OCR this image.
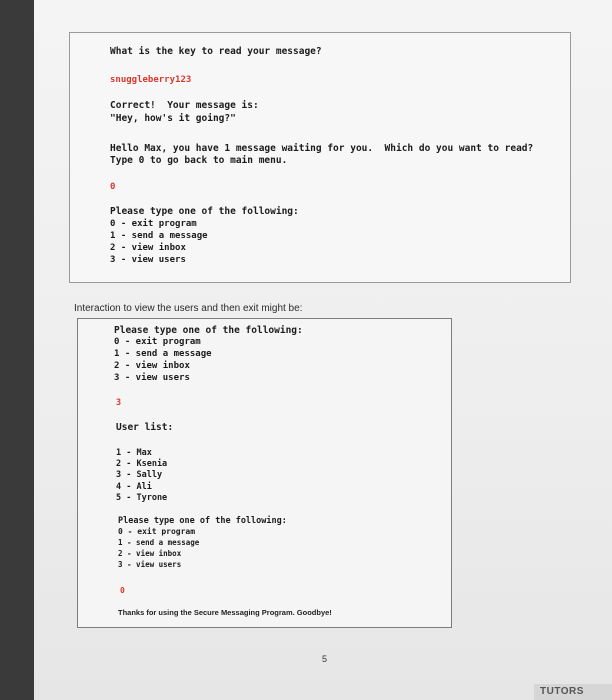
What is the key to read your message?
snuggleberry123
Correct!  Your message is:
"Hey, how's it going?"
Hello Max, you have 1 message waiting for you.  Which do you want to read?
Type 0 to go back to main menu.
0
Please type one of the following:
0 - exit program
1 - send a message
2 - view inbox
3 - view users
Interaction to view the users and then exit might be:
Please type one of the following:
0 - exit program
1 - send a message
2 - view inbox
3 - view users
3
User list:
1 - Max
2 - Ksenia
3 - Sally
4 - Ali
5 - Tyrone
Please type one of the following:
0 - exit program
1 - send a message
2 - view inbox
3 - view users
0
Thanks for using the Secure Messaging Program. Goodbye!
5
TUTORS
